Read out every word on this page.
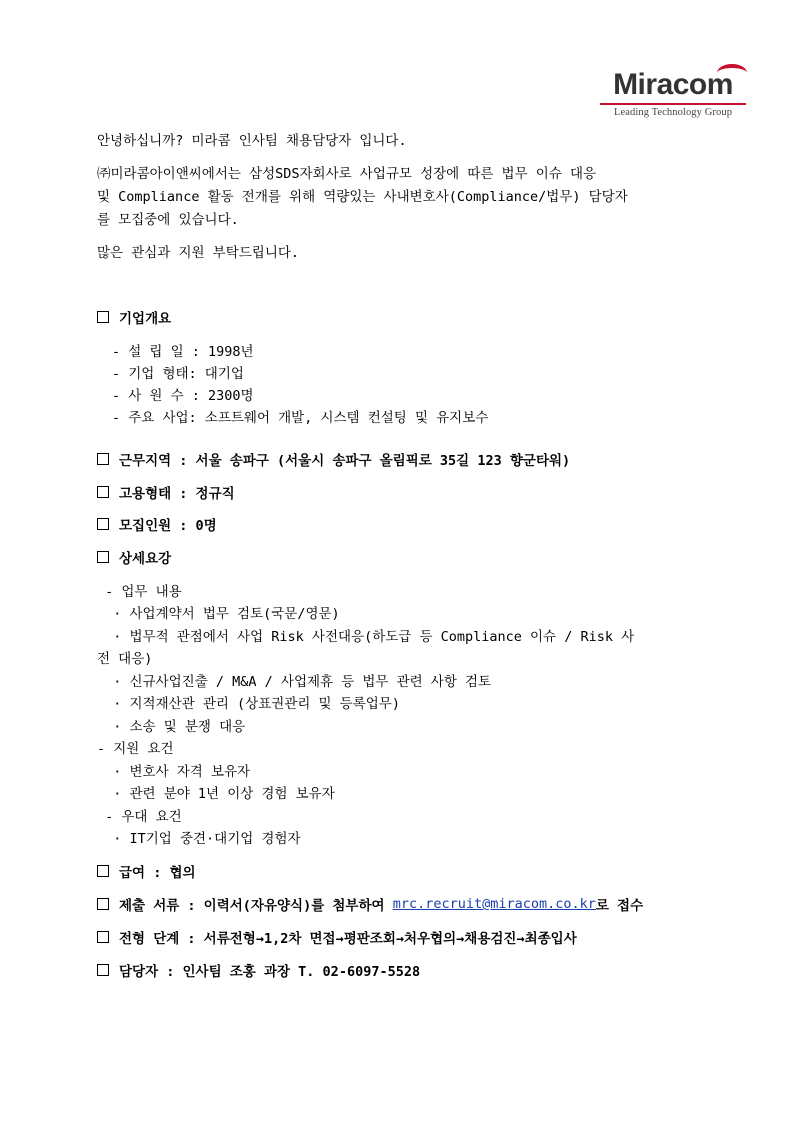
Miracom
Leading Technology Group
안녕하십니까? 미라콤 인사팀 채용담당자 입니다.
㈜미라콤아이앤씨에서는 삼성SDS자회사로 사업규모 성장에 따른 법무 이슈 대응
및 Compliance 활동 전개를 위해 역량있는 사내변호사(Compliance/법무) 담당자
를 모집중에 있습니다.
많은 관심과 지원 부탁드립니다.
기업개요
- 설 립 일 : 1998년
- 기업 형태: 대기업
- 사 원 수 : 2300명
- 주요 사업: 소프트웨어 개발, 시스템 컨설팅 및 유지보수
근무지역 : 서울 송파구 (서울시 송파구 올림픽로 35길 123 향군타워)
고용형태 : 정규직
모집인원 : 0명
상세요강
- 업무 내용
· 사업계약서 법무 검토(국문/영문)
· 법무적 관점에서 사업 Risk 사전대응(하도급 등 Compliance 이슈 / Risk 사
전 대응)
· 신규사업진출 / M&A / 사업제휴 등 법무 관련 사항 검토
· 지적재산관 관리 (상표권관리 및 등록업무)
· 소송 및 분쟁 대응
- 지원 요건
· 변호사 자격 보유자
· 관련 분야 1년 이상 경험 보유자
- 우대 요건
· IT기업 중견·대기업 경험자
급여 : 협의
제출 서류 : 이력서(자유양식)를 첨부하여 mrc.recruit@miracom.co.kr 로 접수
전형 단계 : 서류전형→1,2차 면접→평판조회→처우협의→채용검진→최종입사
담당자 : 인사팀 조홍 과장 T. 02-6097-5528
